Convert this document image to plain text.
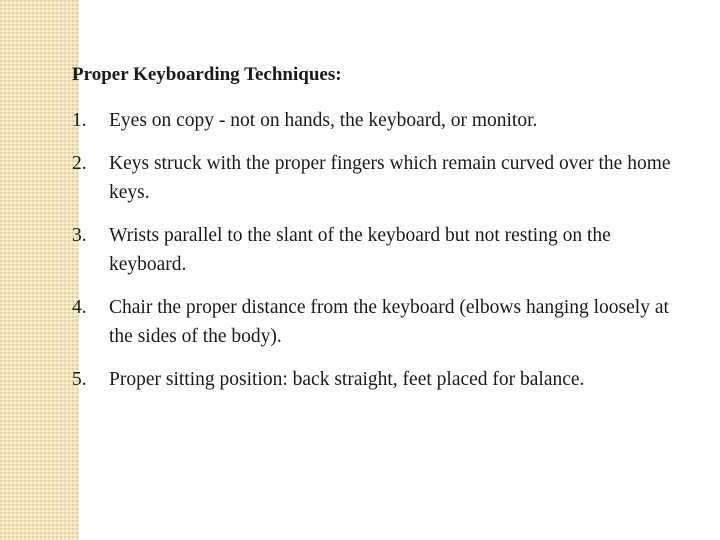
Proper Keyboarding Techniques:
1.	Eyes on copy - not on hands, the keyboard, or monitor.
2.	Keys struck with the proper fingers which remain curved over the home keys.
3.	Wrists parallel to the slant of the keyboard but not resting on the keyboard.
4.	Chair the proper distance from the keyboard (elbows hanging loosely at the sides of the body).
5.	Proper sitting position: back straight, feet placed for balance.
